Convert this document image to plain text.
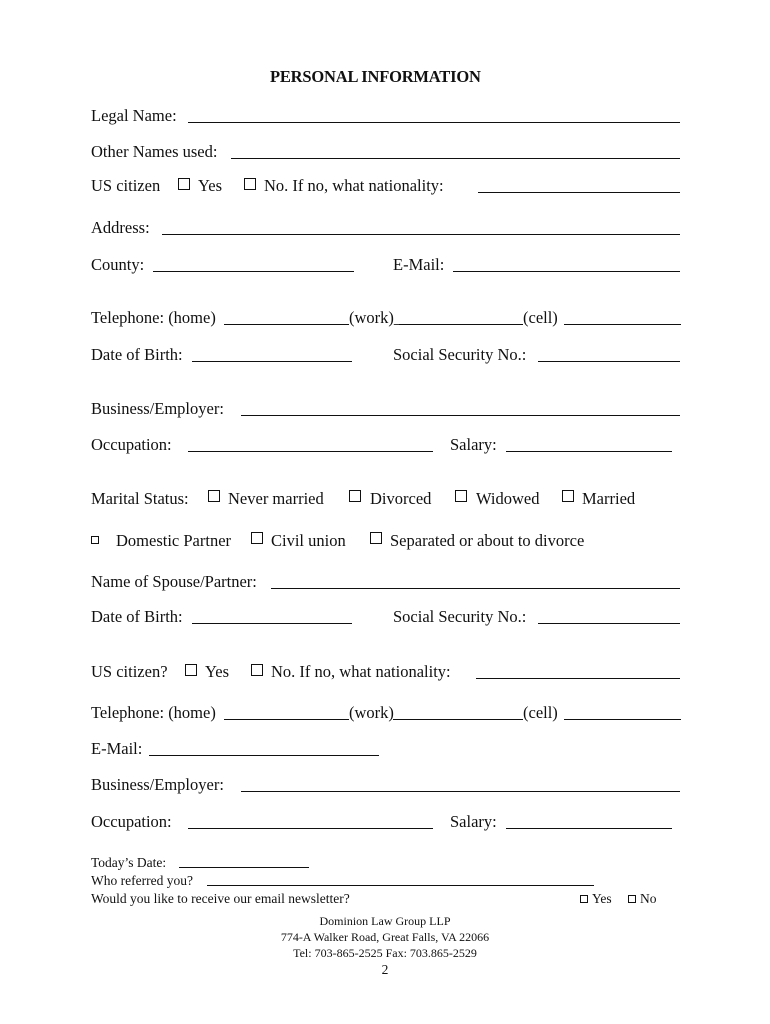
PERSONAL INFORMATION
Legal Name:
Other Names used:
US citizen Yes	No. If no, what nationality:
Address:
County:	E-Mail:
Telephone: (home)	(work)_	(cell)
Date of Birth:	Social Security No.:
Business/Employer:
Occupation:	Salary:
Marital Status: Never married	Divorced	Widowed	Married
Domestic Partner Civil union	Separated or about to divorce
Name of Spouse/Partner:
Date of Birth:	Social Security No.:
US citizen? Yes	No. If no, what nationality:
Telephone: (home)	(work)	(cell)
E-Mail:
Business/Employer:
Occupation:	Salary:
Today’s Date:
Who referred you?
Would you like to receive our email newsletter?	Yes No
Dominion Law Group LLP
774-A Walker Road, Great Falls, VA 22066
Tel: 703-865-2525 Fax: 703.865-2529
2
